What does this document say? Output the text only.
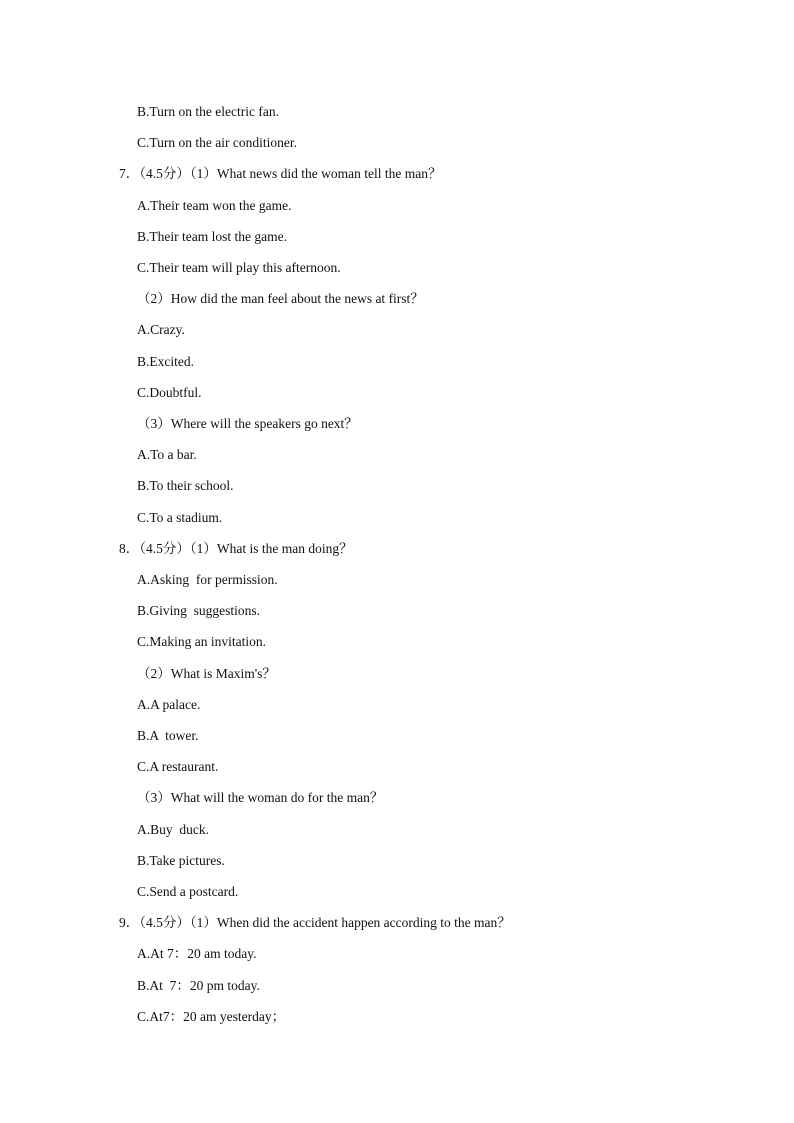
B.Turn on the electric fan.
C.Turn on the air conditioner.
7．（4.5分）（1）What news did the woman tell the man？
A.Their team won the game.
B.Their team lost the game.
C.Their team will play this afternoon.
（2）How did the man feel about the news at first？
A.Crazy.
B.Excited.
C.Doubtful.
（3）Where will the speakers go next？
A.To a bar.
B.To their school.
C.To a stadium.
8．（4.5分）（1）What is the man doing？
A.Asking  for permission.
B.Giving  suggestions.
C.Making an invitation.
（2）What is Maxim's？
A.A palace.
B.A  tower.
C.A restaurant.
（3）What will the woman do for the man？
A.Buy  duck.
B.Take pictures.
C.Send a postcard.
9．（4.5分）（1）When did the accident happen according to the man？
A.At 7：20 am today.
B.At  7：20 pm today.
C.At7：20 am yesterday；
